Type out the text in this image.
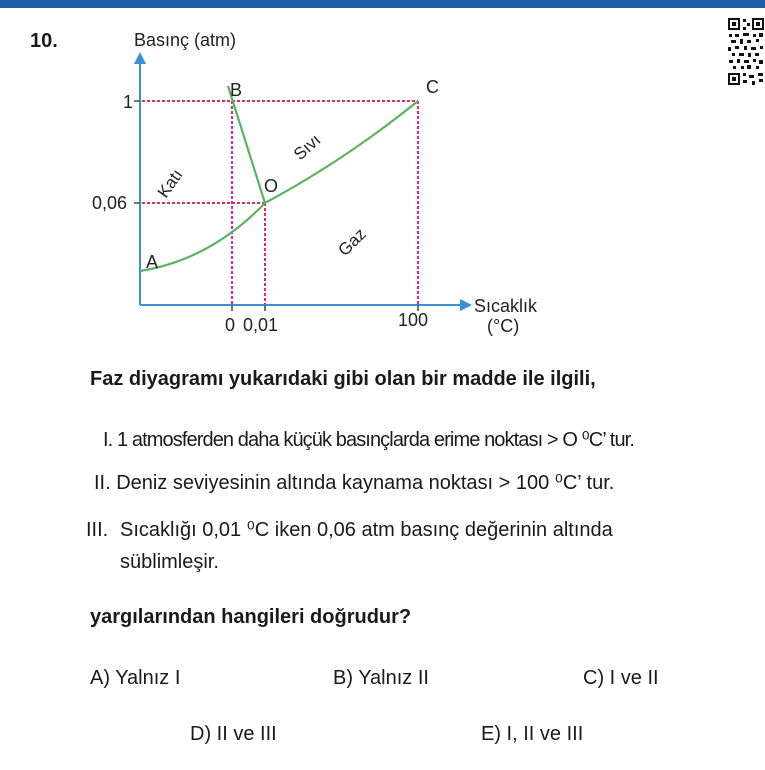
10.	Basınç (atm)
Sıcaklık
(°C)
1
0,06
0 0,01	100
A
B	C
O
Katı
Sıvı
Gaz
Faz diyagramı yukarıdaki gibi olan bir madde ile ilgili,
I. 1 atmosferden daha küçük basınçlarda erime noktası > O ⁰C’ tur.
II. Deniz seviyesinin altında kaynama noktası > 100 ⁰C’ tur.
III. Sıcaklığı 0,01 ⁰C iken 0,06 atm basınç değerinin altında
süblimleşir.
yargılarından hangileri doğrudur?
A) Yalnız I	B) Yalnız II	C) I ve II
D) II ve III	E) I, II ve III
